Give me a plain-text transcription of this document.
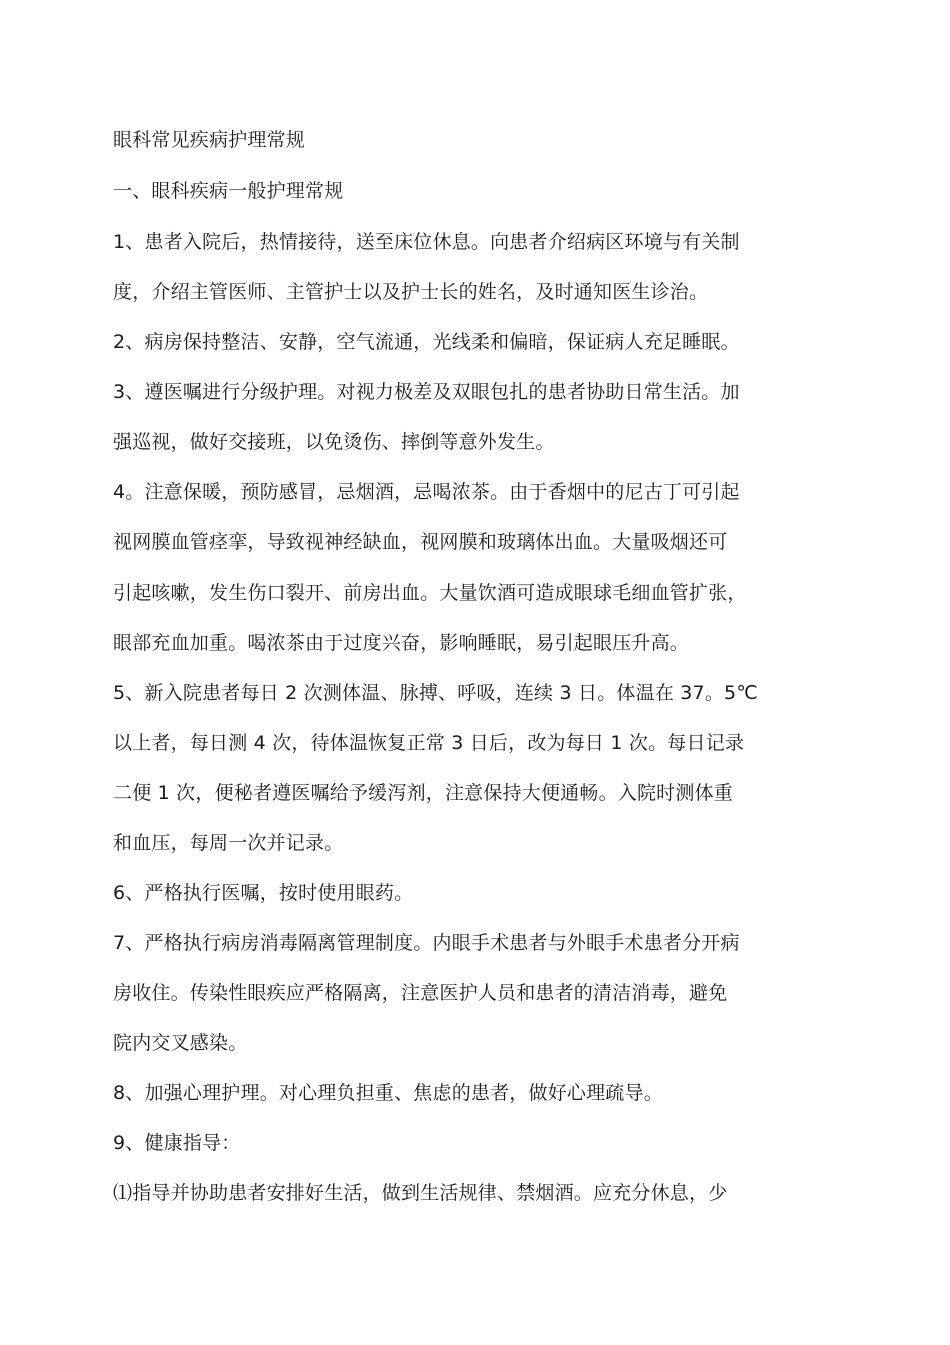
眼科常见疾病护理常规
一、眼科疾病一般护理常规
1、患者入院后，热情接待，送至床位休息。向患者介绍病区环境与有关制
度，介绍主管医师、主管护士以及护士长的姓名，及时通知医生诊治。
2、病房保持整洁、安静，空气流通，光线柔和偏暗，保证病人充足睡眠。
3、遵医嘱进行分级护理。对视力极差及双眼包扎的患者协助日常生活。加
强巡视，做好交接班，以免烫伤、摔倒等意外发生。
4。注意保暖，预防感冒，忌烟酒，忌喝浓茶。由于香烟中的尼古丁可引起
视网膜血管痉挛，导致视神经缺血，视网膜和玻璃体出血。大量吸烟还可
引起咳嗽，发生伤口裂开、前房出血。大量饮酒可造成眼球毛细血管扩张，
眼部充血加重。喝浓茶由于过度兴奋，影响睡眠，易引起眼压升高。
5、新入院患者每日 2 次测体温、脉搏、呼吸，连续 3 日。体温在 37。5℃
以上者，每日测 4 次，待体温恢复正常 3 日后，改为每日 1 次。每日记录
二便 1 次，便秘者遵医嘱给予缓泻剂，注意保持大便通畅。入院时测体重
和血压，每周一次并记录。
6、严格执行医嘱，按时使用眼药。
7、严格执行病房消毒隔离管理制度。内眼手术患者与外眼手术患者分开病
房收住。传染性眼疾应严格隔离，注意医护人员和患者的清洁消毒，避免
院内交叉感染。
8、加强心理护理。对心理负担重、焦虑的患者，做好心理疏导。
9、健康指导：
⑴指导并协助患者安排好生活，做到生活规律、禁烟酒。应充分休息，少
